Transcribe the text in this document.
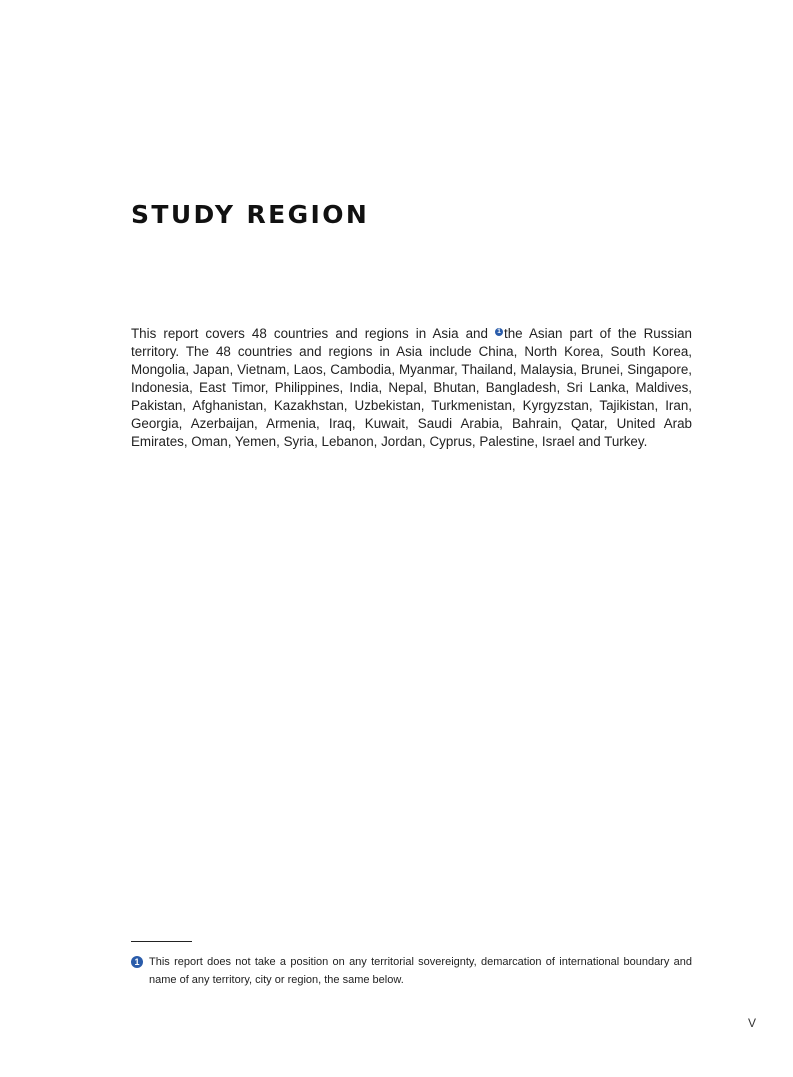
STUDY REGION

This report covers 48 countries and regions in Asia and 1 the Asian part of the Russian territory. The 48 countries and regions in Asia include China, North Korea, South Korea, Mongolia, Japan, Vietnam, Laos, Cambodia, Myanmar, Thailand, Malaysia, Brunei, Singapore, Indonesia, East Timor, Philippines, India, Nepal, Bhutan, Bangladesh, Sri Lanka, Maldives, Pakistan, Afghanistan, Kazakhstan, Uzbekistan, Turkmenistan, Kyrgyzstan, Tajikistan, Iran, Georgia, Azerbaijan, Armenia, Iraq, Kuwait, Saudi Arabia, Bahrain, Qatar, United Arab Emirates, Oman, Yemen, Syria, Lebanon, Jordan, Cyprus, Palestine, Israel and Turkey.

1 This report does not take a position on any territorial sovereignty, demarcation of international boundary and name of any territory, city or region, the same below.
V
